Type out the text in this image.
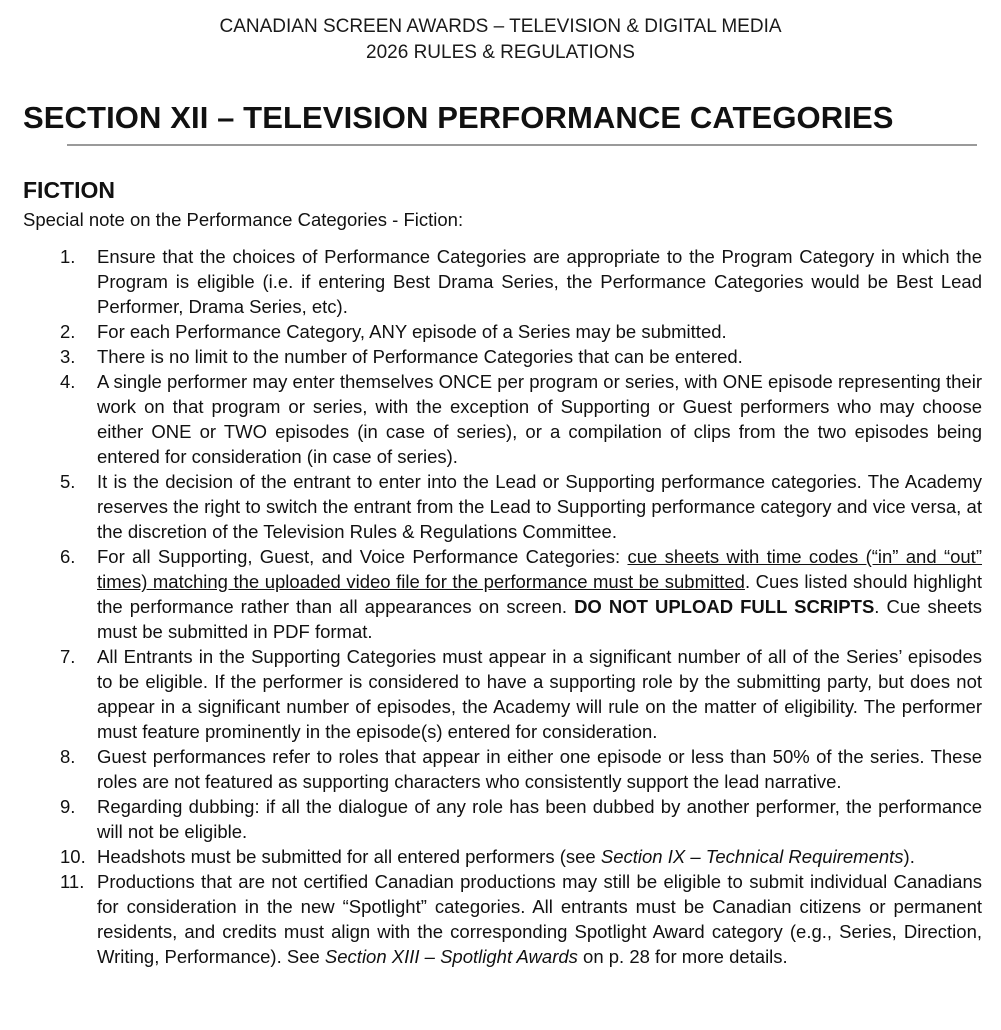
CANADIAN SCREEN AWARDS – TELEVISION & DIGITAL MEDIA
2026 RULES & REGULATIONS
SECTION XII – TELEVISION PERFORMANCE CATEGORIES
FICTION

Special note on the Performance Categories - Fiction:

1. Ensure that the choices of Performance Categories are appropriate to the Program Category in which the Program is eligible (i.e. if entering Best Drama Series, the Performance Categories would be Best Lead Performer, Drama Series, etc).
2. For each Performance Category, ANY episode of a Series may be submitted.
3. There is no limit to the number of Performance Categories that can be entered.
4. A single performer may enter themselves ONCE per program or series, with ONE episode representing their work on that program or series, with the exception of Supporting or Guest performers who may choose either ONE or TWO episodes (in case of series), or a compilation of clips from the two episodes being entered for consideration (in case of series).
5. It is the decision of the entrant to enter into the Lead or Supporting performance categories. The Academy reserves the right to switch the entrant from the Lead to Supporting performance category and vice versa, at the discretion of the Television Rules & Regulations Committee.
6. For all Supporting, Guest, and Voice Performance Categories: cue sheets with time codes (“in” and “out” times) matching the uploaded video file for the performance must be submitted. Cues listed should highlight the performance rather than all appearances on screen. DO NOT UPLOAD FULL SCRIPTS. Cue sheets must be submitted in PDF format.
7. All Entrants in the Supporting Categories must appear in a significant number of all of the Series’ episodes to be eligible. If the performer is considered to have a supporting role by the submitting party, but does not appear in a significant number of episodes, the Academy will rule on the matter of eligibility. The performer must feature prominently in the episode(s) entered for consideration.
8. Guest performances refer to roles that appear in either one episode or less than 50% of the series. These roles are not featured as supporting characters who consistently support the lead narrative.
9. Regarding dubbing: if all the dialogue of any role has been dubbed by another performer, the performance will not be eligible.
10. Headshots must be submitted for all entered performers (see Section IX – Technical Requirements).
11. Productions that are not certified Canadian productions may still be eligible to submit individual Canadians for consideration in the new “Spotlight” categories. All entrants must be Canadian citizens or permanent residents, and credits must align with the corresponding Spotlight Award category (e.g., Series, Direction, Writing, Performance). See Section XIII – Spotlight Awards on p. 28 for more details.
